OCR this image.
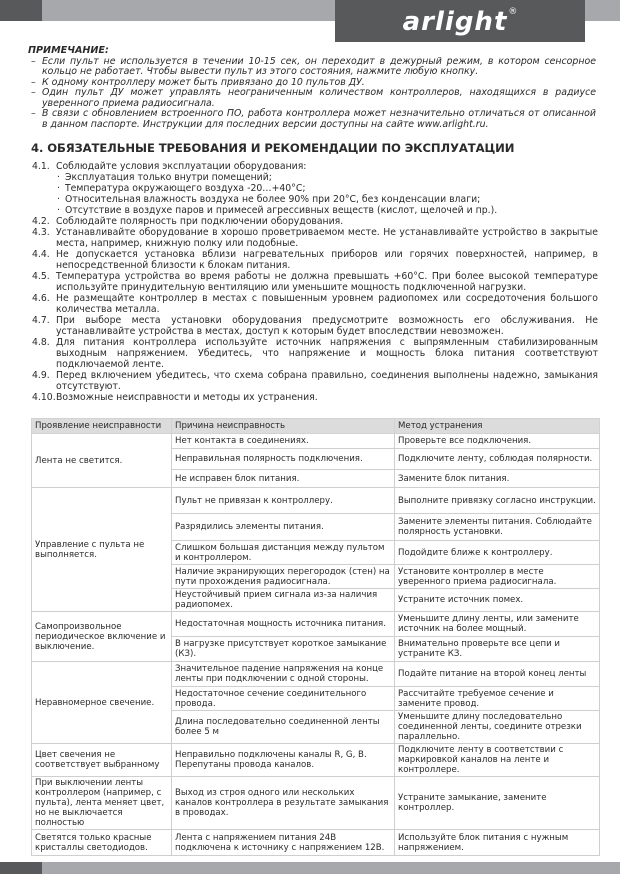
arlight ®
ПРИМЕЧАНИЕ:
– Если пульт не используется в течении 10-15 сек, он переходит в дежурный режим, в котором сенсорное кольцо не работает. Чтобы вывести пульт из этого состояния, нажмите любую кнопку.
– К одному контроллеру может быть привязано до 10 пультов ДУ.
– Один пульт ДУ может управлять неограниченным количеством контроллеров, находящихся в радиусе уверенного приема радиосигнала.
– В связи с обновлением встроенного ПО, работа контроллера может незначительно отличаться от описанной в данном паспорте. Инструкции для последних версии доступны на сайте www.arlight.ru.
4. ОБЯЗАТЕЛЬНЫЕ ТРЕБОВАНИЯ И РЕКОМЕНДАЦИИ ПО ЭКСПЛУАТАЦИИ
4.1. Соблюдайте условия эксплуатации оборудования:
· Эксплуатация только внутри помещений;
· Температура окружающего воздуха -20…+40°C;
· Относительная влажность воздуха не более 90% при 20°C, без конденсации влаги;
· Отсутствие в воздухе паров и примесей агрессивных веществ (кислот, щелочей и пр.).
4.2. Соблюдайте полярность при подключении оборудования.
4.3. Устанавливайте оборудование в хорошо проветриваемом месте. Не устанавливайте устройство в закрытые места, например, книжную полку или подобные.
4.4. Не допускается установка вблизи нагревательных приборов или горячих поверхностей, например, в непосредственной близости к блокам питания.
4.5. Температура устройства во время работы не должна превышать +60°C. При более высокой температуре используйте принудительную вентиляцию или уменьшите мощность подключенной нагрузки.
4.6. Не размещайте контроллер в местах с повышенным уровнем радиопомех или сосредоточения большого количества металла.
4.7. При выборе места установки оборудования предусмотрите возможность его обслуживания. Не устанавливайте устройства в местах, доступ к которым будет впоследствии невозможен.
4.8. Для питания контроллера используйте источник напряжения с выпрямленным стабилизированным выходным напряжением. Убедитесь, что напряжение и мощность блока питания соответствуют подключаемой ленте.
4.9. Перед включением убедитесь, что схема собрана правильно, соединения выполнены надежно, замыкания отсутствуют.
4.10. Возможные неисправности и методы их устранения.
Проявление неисправности	Причина неисправность	Метод устранения
Лента не светится.	Нет контакта в соединениях.	Проверьте все подключения.
	Неправильная полярность подключения.	Подключите ленту, соблюдая полярности.
	Не исправен блок питания.	Замените блок питания.
Управление с пульта не выполняется.	Пульт не привязан к контроллеру.	Выполните привязку согласно инструкции.
	Разрядились элементы питания.	Замените элементы питания. Соблюдайте полярность установки.
	Слишком большая дистанция между пультом и контроллером.	Подойдите ближе к контроллеру.
	Наличие экранирующих перегородок (стен) на пути прохождения радиосигнала.	Установите контроллер в месте уверенного приема радиосигнала.
	Неустойчивый прием сигнала из-за наличия радиопомех.	Устраните источник помех.
Самопроизвольное периодическое включение и выключение.	Недостаточная мощность источника питания.	Уменьшите длину ленты, или замените источник на более мощный.
	В нагрузке присутствует короткое замыкание (КЗ).	Внимательно проверьте все цепи и устраните КЗ.
Неравномерное свечение.	Значительное падение напряжения на конце ленты при подключении с одной стороны.	Подайте питание на второй конец ленты
	Недостаточное сечение соединительного провода.	Рассчитайте требуемое сечение и замените провод.
	Длина последовательно соединенной ленты более 5 м	Уменьшите длину последовательно соединенной ленты, соедините отрезки параллельно.
Цвет свечения не соответствует выбранному	Неправильно подключены каналы R, G, B. Перепутаны провода каналов.	Подключите ленту в соответствии с маркировкой каналов на ленте и контроллере.
При выключении ленты контроллером (например, с пульта), лента меняет цвет, но не выключается полностью	Выход из строя одного или нескольких каналов контроллера в результате замыкания в проводах.	Устраните замыкание, замените контроллер.
Светятся только красные кристаллы светодиодов.	Лента с напряжением питания 24В подключена к источнику с напряжением 12В.	Используйте блок питания с нужным напряжением.
